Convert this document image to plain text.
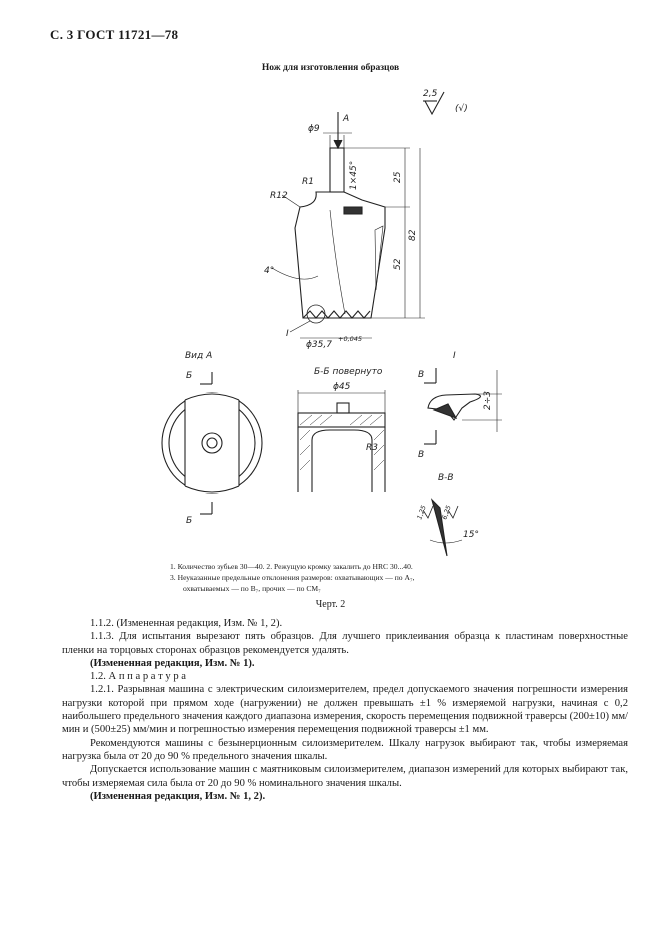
С. 3 ГОСТ 11721—78
Нож для изготовления образцов
2,5
(√)
A
ϕ9
1×45°
R1
R12
4°
I
25
82
52
ϕ35,7
+0,045
Вид A
Б
Б
Б-Б повернуто
ϕ45
R3
I
В
В
2÷3
В-В
1,25 6,25
15°
1. Количество зубьев 30—40. 2. Режущую кромку закалить до HRC 30...40.
3. Неуказанные предельные отклонения размеров: охватывающих — по A₇,
охватываемых — по B₇, прочих — по CM₇
Черт. 2

1.1.2. (Измененная редакция, Изм. № 1, 2).

1.1.3. Для испытания вырезают пять образцов. Для лучшего приклеивания образца к пластинам поверхностные пленки на торцовых сторонах образцов рекомендуется удалять.

(Измененная редакция, Изм. № 1).

1.2. А п п а р а т у р а

1.2.1. Разрывная машина с электрическим силоизмерителем, предел допускаемого значения погрешности измерения нагрузки которой при прямом ходе (нагружении) не должен превышать ±1 % измеряемой нагрузки, начиная с 0,2 наибольшего предельного значения каждого диапазона измерения, скорость перемещения подвижной траверсы (200±10) мм/мин и (500±25) мм/мин и погрешностью измерения перемещения подвижной траверсы ±1 мм.

Рекомендуются машины с безынерционным силоизмерителем. Шкалу нагрузок выбирают так, чтобы измеряемая нагрузка была от 20 до 90 % предельного значения шкалы.

Допускается использование машин с маятниковым силоизмерителем, диапазон измерений для которых выбирают так, чтобы измеряемая сила была от 20 до 90 % номинального значения шкалы.

(Измененная редакция, Изм. № 1, 2).
